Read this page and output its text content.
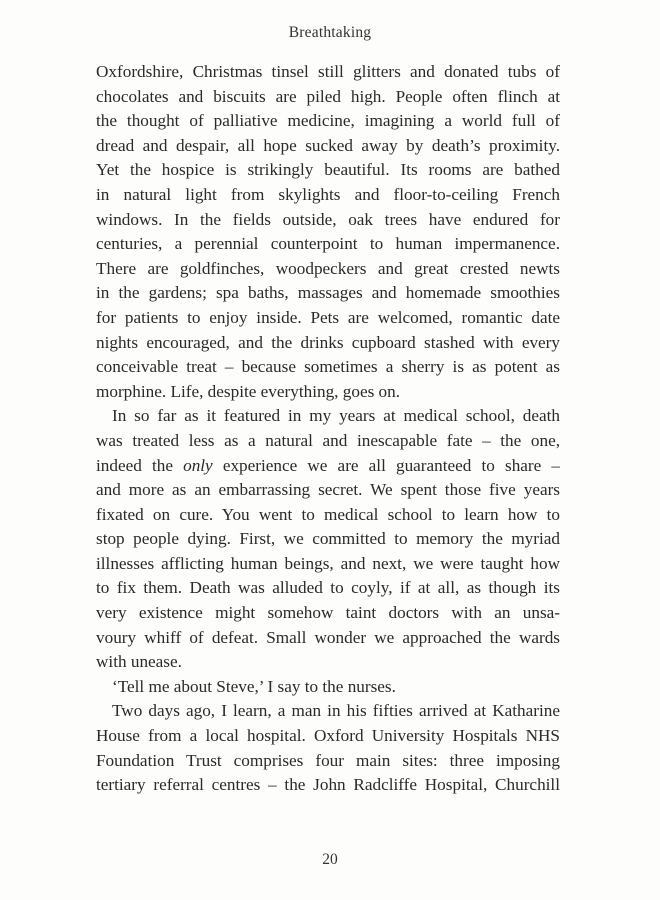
Breathtaking
Oxfordshire, Christmas tinsel still glitters and donated tubs of
chocolates and biscuits are piled high. People often flinch at
the thought of palliative medicine, imagining a world full of
dread and despair, all hope sucked away by death’s proximity.
Yet the hospice is strikingly beautiful. Its rooms are bathed
in natural light from skylights and floor-to-ceiling French
windows. In the fields outside, oak trees have endured for
centuries, a perennial counterpoint to human impermanence.
There are goldfinches, woodpeckers and great crested newts
in the gardens; spa baths, massages and homemade smoothies
for patients to enjoy inside. Pets are welcomed, romantic date
nights encouraged, and the drinks cupboard stashed with every
conceivable treat – because sometimes a sherry is as potent as
morphine. Life, despite everything, goes on.
In so far as it featured in my years at medical school, death
was treated less as a natural and inescapable fate – the one,
indeed the only experience we are all guaranteed to share –
and more as an embarrassing secret. We spent those five years
fixated on cure. You went to medical school to learn how to
stop people dying. First, we committed to memory the myriad
illnesses afflicting human beings, and next, we were taught how
to fix them. Death was alluded to coyly, if at all, as though its
very existence might somehow taint doctors with an unsa-
voury whiff of defeat. Small wonder we approached the wards
with unease.
‘Tell me about Steve,’ I say to the nurses.
Two days ago, I learn, a man in his fifties arrived at Katharine
House from a local hospital. Oxford University Hospitals NHS
Foundation Trust comprises four main sites: three imposing
tertiary referral centres – the John Radcliffe Hospital, Churchill
20
